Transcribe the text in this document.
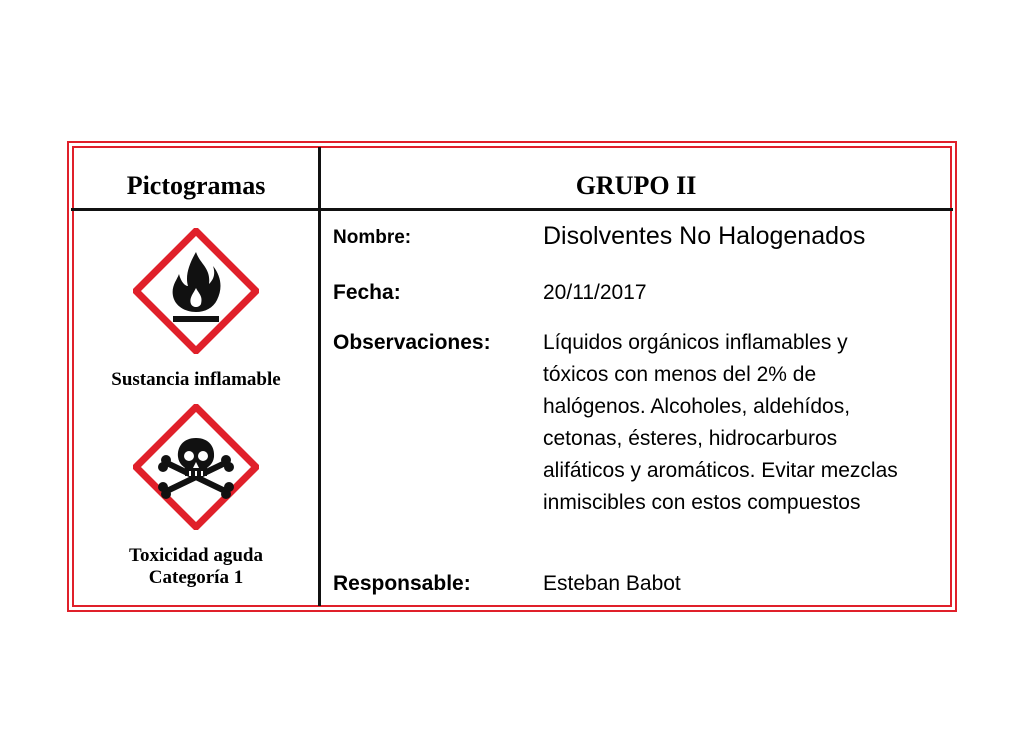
Pictogramas	GRUPO II
Sustancia inflamable
Toxicidad aguda
Categoría 1
Nombre:	Disolventes No Halogenados
Fecha:	20/11/2017
Observaciones: Líquidos orgánicos inflamables y tóxicos con menos del 2% de halógenos. Alcoholes, aldehídos, cetonas, ésteres, hidrocarburos alifáticos y aromáticos. Evitar mezclas inmiscibles con estos compuestos
Responsable:	Esteban Babot
